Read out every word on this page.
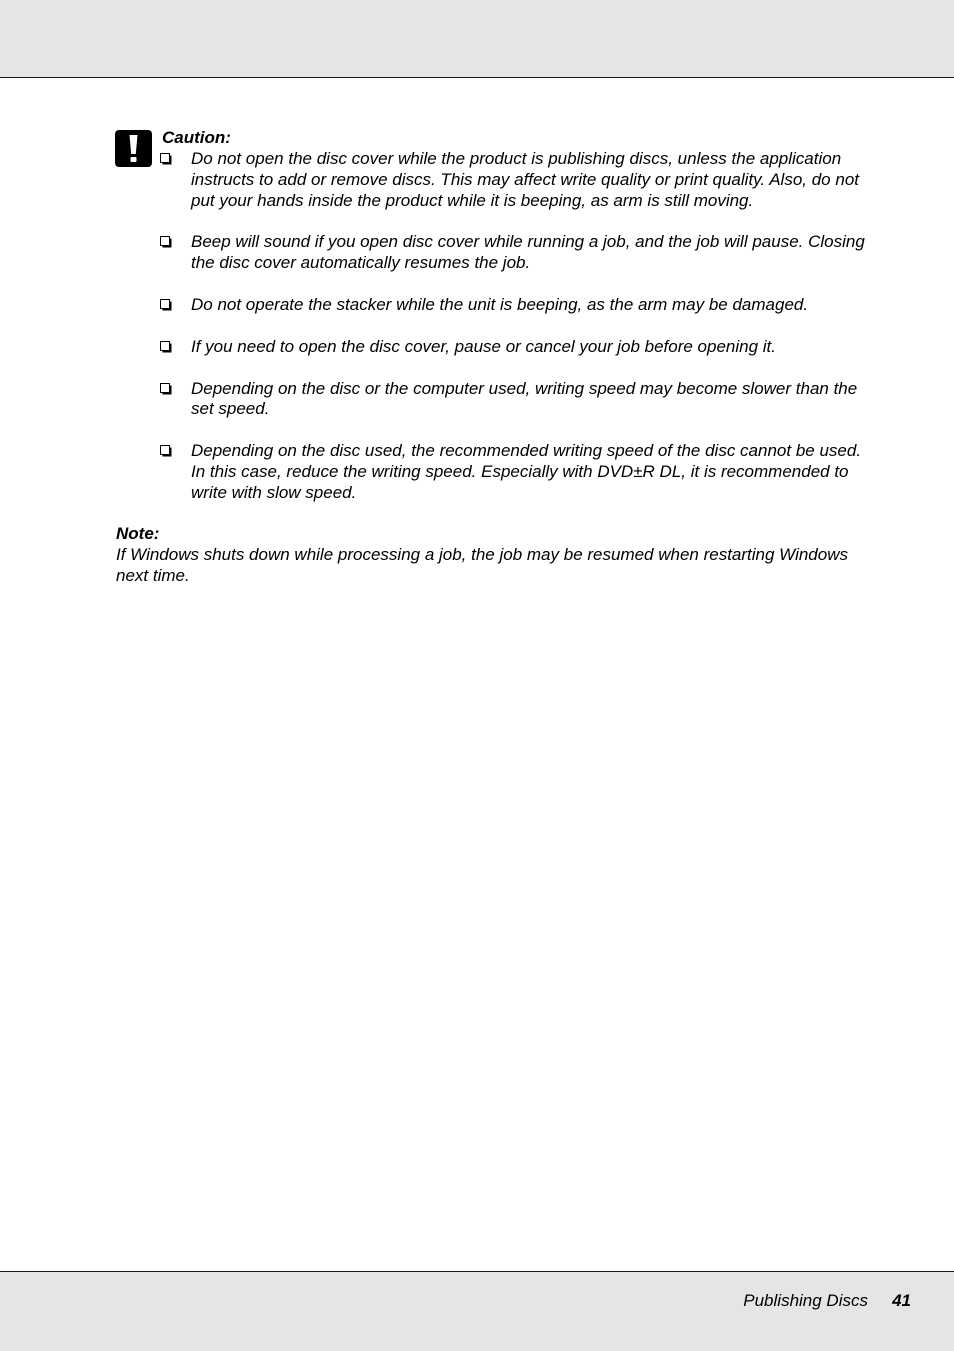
Caution:
Do not open the disc cover while the product is publishing discs, unless the application instructs to add or remove discs. This may affect write quality or print quality. Also, do not put your hands inside the product while it is beeping, as arm is still moving.
Beep will sound if you open disc cover while running a job, and the job will pause. Closing the disc cover automatically resumes the job.
Do not operate the stacker while the unit is beeping, as the arm may be damaged.
If you need to open the disc cover, pause or cancel your job before opening it.
Depending on the disc or the computer used, writing speed may become slower than the set speed.
Depending on the disc used, the recommended writing speed of the disc cannot be used. In this case, reduce the writing speed. Especially with DVD±R DL, it is recommended to write with slow speed.
Note:

If Windows shuts down while processing a job, the job may be resumed when restarting Windows next time.

Publishing Discs 41
